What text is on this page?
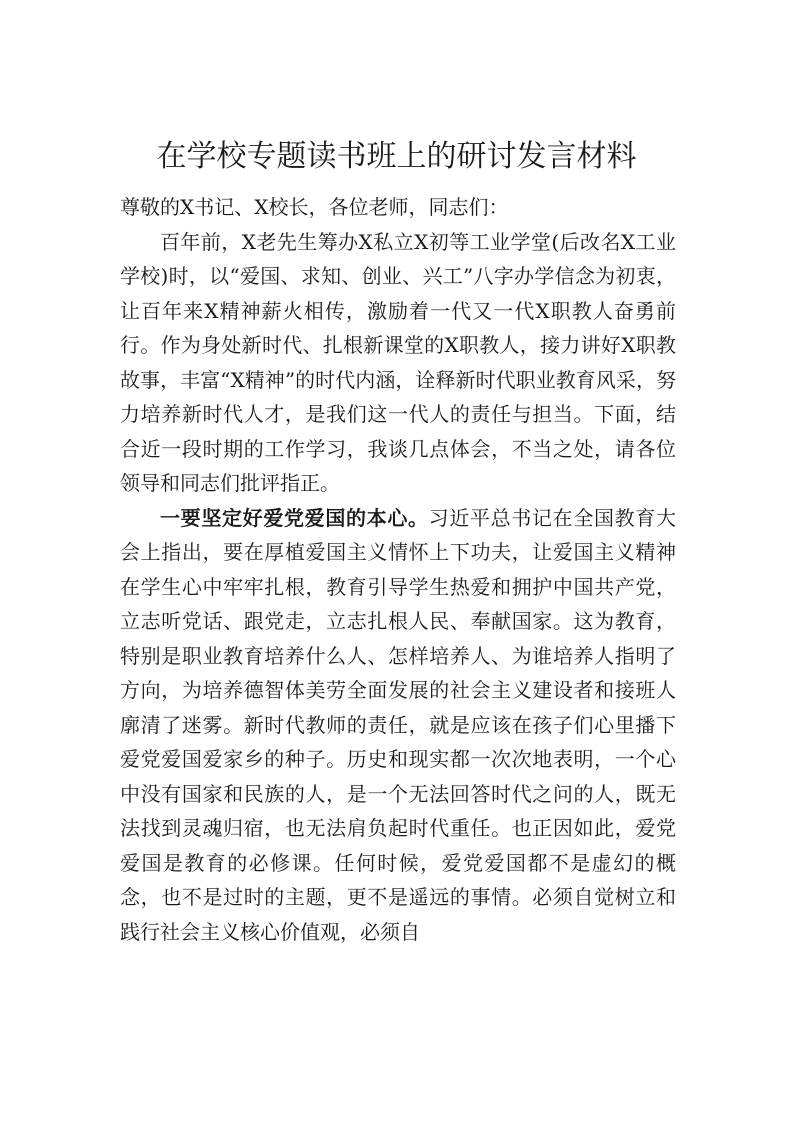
在学校专题读书班上的研讨发言材料

尊敬的X书记、X校长，各位老师，同志们：

百年前，X老先生筹办X私立X初等工业学堂(后改名X工业学校)时，以“爱国、求知、创业、兴工”八字办学信念为初衷，让百年来X精神薪火相传，激励着一代又一代X职教人奋勇前行。作为身处新时代、扎根新课堂的X职教人，接力讲好X职教故事，丰富“X精神”的时代内涵，诠释新时代职业教育风采，努力培养新时代人才，是我们这一代人的责任与担当。下面，结合近一段时期的工作学习，我谈几点体会，不当之处，请各位领导和同志们批评指正。

一要坚定好爱党爱国的本心。习近平总书记在全国教育大会上指出，要在厚植爱国主义情怀上下功夫，让爱国主义精神在学生心中牢牢扎根，教育引导学生热爱和拥护中国共产党，立志听党话、跟党走，立志扎根人民、奉献国家。这为教育，特别是职业教育培养什么人、怎样培养人、为谁培养人指明了方向，为培养德智体美劳全面发展的社会主义建设者和接班人廓清了迷雾。新时代教师的责任，就是应该在孩子们心里播下爱党爱国爱家乡的种子。历史和现实都一次次地表明，一个心中没有国家和民族的人，是一个无法回答时代之问的人，既无法找到灵魂归宿，也无法肩负起时代重任。也正因如此，爱党爱国是教育的必修课。任何时候，爱党爱国都不是虚幻的概念，也不是过时的主题，更不是遥远的事情。必须自觉树立和践行社会主义核心价值观，必须自
